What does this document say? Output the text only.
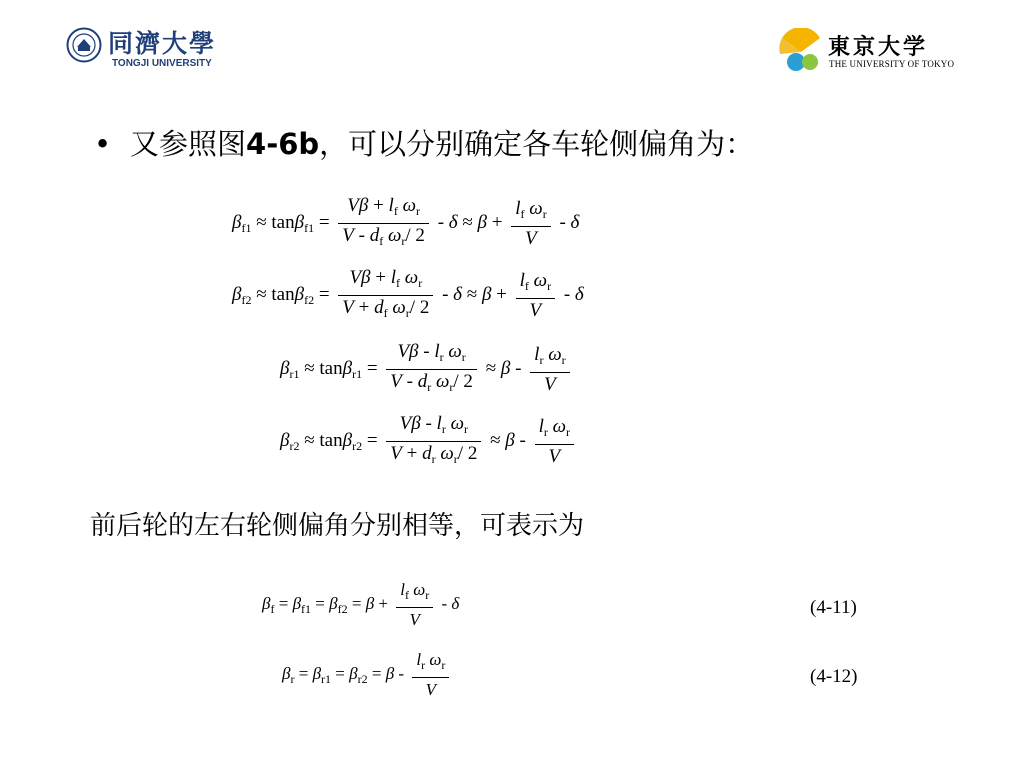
同濟大學
TONGJI UNIVERSITY
東京大学
THE UNIVERSITY OF TOKYO
• 又参照图4-6b，可以分别确定各车轮侧偏角为：
$\beta_{f1} \approx \tan\beta_{f1} = \frac{V\beta + l_f \omega_r}{V - d_f \omega_r/ 2} - \delta \approx \beta + \frac{l_f \omega_r}{V} - \delta$
$\beta_{f2} \approx \tan\beta_{f2} = \frac{V\beta + l_f \omega_r}{V + d_f \omega_r/ 2} - \delta \approx \beta + \frac{l_f \omega_r}{V} - \delta$
$\beta_{r1} \approx \tan\beta_{r1} = \frac{V\beta - l_r \omega_r}{V - d_r \omega_r/ 2} \approx \beta - \frac{l_r \omega_r}{V}$
$\beta_{r2} \approx \tan\beta_{r2} = \frac{V\beta - l_r \omega_r}{V + d_r \omega_r/ 2} \approx \beta - \frac{l_r \omega_r}{V}$
前后轮的左右轮侧偏角分别相等，可表示为
$\beta_f = \beta_{f1} = \beta_{f2} = \beta + \frac{l_f \omega_r}{V} - \delta$	(4-11)
$\beta_r = \beta_{r1} = \beta_{r2} = \beta - \frac{l_r \omega_r}{V}$	(4-12)
